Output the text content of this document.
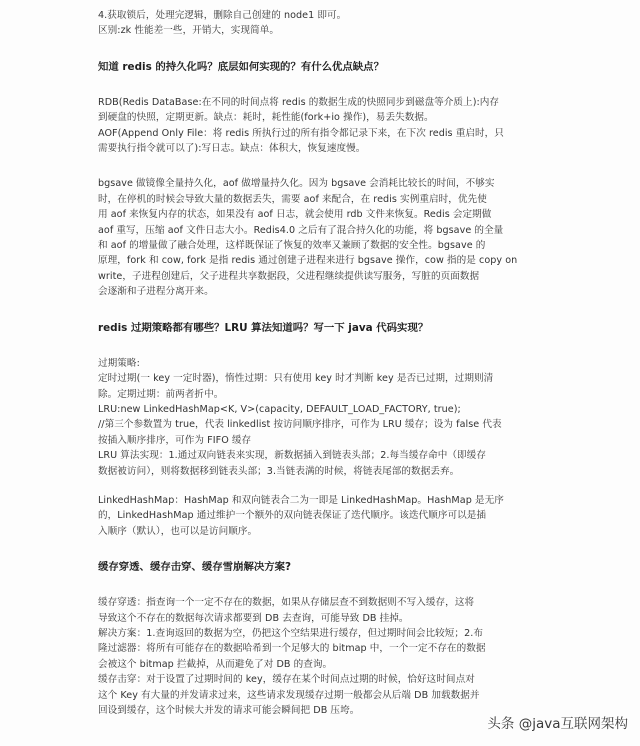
4.获取锁后，处理完逻辑，删除自己创建的 node1 即可。
区别:zk 性能差一些，开销大，实现简单。
知道 redis 的持久化吗？底层如何实现的？有什么优点缺点？
RDB(Redis DataBase:在不同的时间点将 redis 的数据生成的快照同步到磁盘等介质上):内存
到硬盘的快照，定期更新。缺点：耗时，耗性能(fork+io 操作)，易丢失数据。
AOF(Append Only File：将 redis 所执行过的所有指令都记录下来，在下次 redis 重启时，只
需要执行指令就可以了):写日志。缺点：体积大，恢复速度慢。
bgsave 做镜像全量持久化，aof 做增量持久化。因为 bgsave 会消耗比较长的时间，不够实
时，在停机的时候会导致大量的数据丢失，需要 aof 来配合，在 redis 实例重启时，优先使
用 aof 来恢复内存的状态，如果没有 aof 日志，就会使用 rdb 文件来恢复。Redis 会定期做
aof 重写，压缩 aof 文件日志大小。Redis4.0 之后有了混合持久化的功能，将 bgsave 的全量
和 aof 的增量做了融合处理，这样既保证了恢复的效率又兼顾了数据的安全性。bgsave 的
原理，fork 和 cow, fork 是指 redis 通过创建子进程来进行 bgsave 操作，cow 指的是 copy on
write，子进程创建后，父子进程共享数据段，父进程继续提供读写服务，写脏的页面数据
会逐渐和子进程分离开来。
redis 过期策略都有哪些？LRU 算法知道吗？写一下 java 代码实现？
过期策略:
定时过期(一 key 一定时器)，惰性过期：只有使用 key 时才判断 key 是否已过期，过期则清
除。定期过期：前两者折中。
LRU:new LinkedHashMap<K, V>(capacity, DEFAULT_LOAD_FACTORY, true);
//第三个参数置为 true，代表 linkedlist 按访问顺序排序，可作为 LRU 缓存；设为 false 代表
按插入顺序排序，可作为 FIFO 缓存
LRU 算法实现：1.通过双向链表来实现，新数据插入到链表头部；2.每当缓存命中（即缓存
数据被访问），则将数据移到链表头部；3.当链表满的时候，将链表尾部的数据丢弃。
LinkedHashMap：HashMap 和双向链表合二为一即是 LinkedHashMap。HashMap 是无序
的，LinkedHashMap 通过维护一个额外的双向链表保证了迭代顺序。该迭代顺序可以是插
入顺序（默认），也可以是访问顺序。
缓存穿透、缓存击穿、缓存雪崩解决方案?
缓存穿透：指查询一个一定不存在的数据，如果从存储层查不到数据则不写入缓存，这将
导致这个不存在的数据每次请求都要到 DB 去查询，可能导致 DB 挂掉。
解决方案：1.查询返回的数据为空，仍把这个空结果进行缓存，但过期时间会比较短；2.布
隆过滤器：将所有可能存在的数据哈希到一个足够大的 bitmap 中，一个一定不存在的数据
会被这个 bitmap 拦截掉，从而避免了对 DB 的查询。
缓存击穿：对于设置了过期时间的 key，缓存在某个时间点过期的时候，恰好这时间点对
这个 Key 有大量的并发请求过来，这些请求发现缓存过期一般都会从后端 DB 加载数据并
回设到缓存，这个时候大并发的请求可能会瞬间把 DB 压垮。
头条 @java互联网架构
